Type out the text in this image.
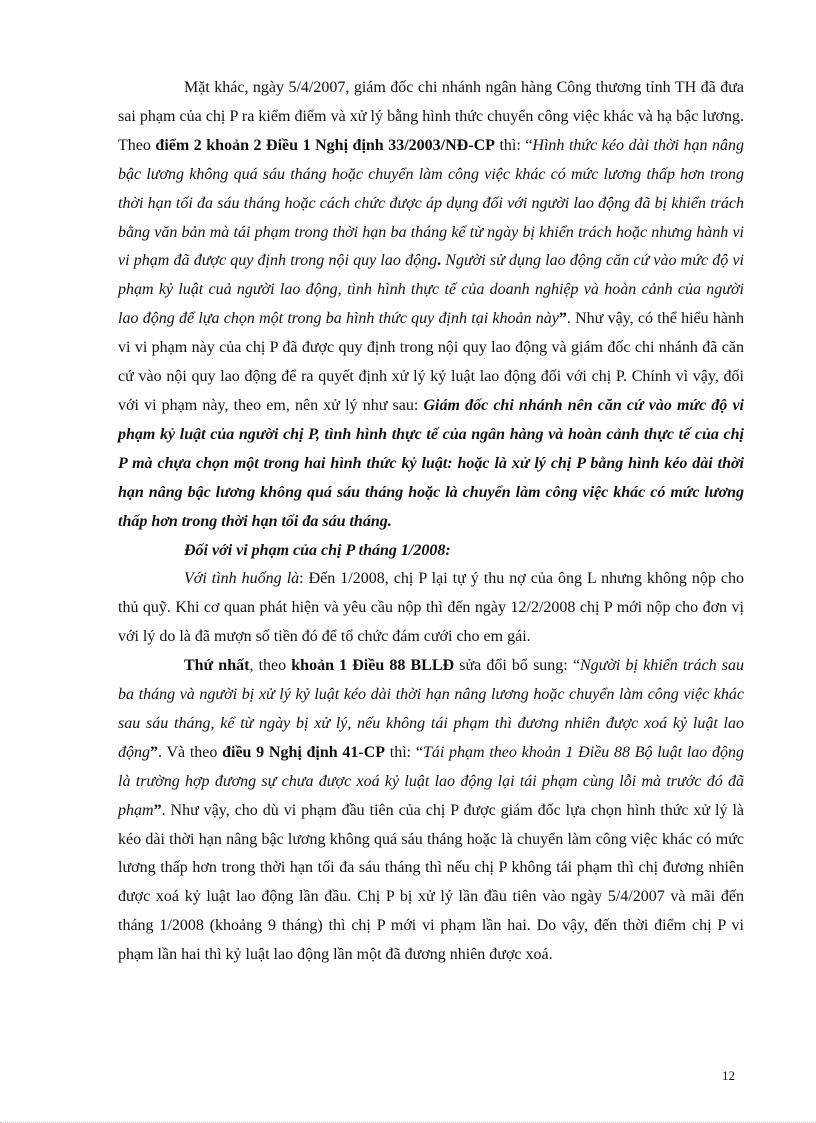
Mặt khác, ngày 5/4/2007, giám đốc chi nhánh ngân hàng Công thương tỉnh TH đã đưa sai phạm của chị P ra kiểm điểm và xử lý bằng hình thức chuyển công việc khác và hạ bậc lương. Theo điểm 2 khoản 2 Điều 1 Nghị định 33/2003/NĐ-CP thì: “Hình thức kéo dài thời hạn nâng bậc lương không quá sáu tháng hoặc chuyển làm công việc khác có mức lương thấp hơn trong thời hạn tối đa sáu tháng hoặc cách chức được áp dụng đối với người lao động đã bị khiển trách bằng văn bản mà tái phạm trong thời hạn ba tháng kể từ ngày bị khiển trách hoặc nhưng hành vi vi phạm đã được quy định trong nội quy lao động. Người sử dụng lao động căn cứ vào mức độ vi phạm kỷ luật cuả người lao động, tình hình thực tế của doanh nghiệp và hoàn cảnh của người lao động để lựa chọn một trong ba hình thức quy định tại khoản này”. Như vậy, có thể hiểu hành vi vi phạm này của chị P đã được quy định trong nội quy lao động và giám đốc chi nhánh đã căn cứ vào nội quy lao động để ra quyết định xử lý kỷ luật lao động đối với chị P. Chính vì vậy, đối với vi phạm này, theo em, nên xử lý như sau: Giám đốc chi nhánh nên căn cứ vào mức độ vi phạm kỷ luật của người chị P, tình hình thực tế của ngân hàng và hoàn cảnh thực tế của chị P mà chựa chọn một trong hai hình thức kỷ luật: hoặc là xử lý chị P bằng hình kéo dài thời hạn nâng bậc lương không quá sáu tháng hoặc là chuyển làm công việc khác có mức lương thấp hơn trong thời hạn tối đa sáu tháng.

Đối với vi phạm của chị P tháng 1/2008:

Với tình huống là: Đến 1/2008, chị P lại tự ý thu nợ của ông L nhưng không nộp cho thủ quỹ. Khi cơ quan phát hiện và yêu cầu nộp thì đến ngày 12/2/2008 chị P mới nộp cho đơn vị với lý do là đã mượn số tiền đó để tổ chức đám cưới cho em gái.

Thứ nhất, theo khoản 1 Điều 88 BLLĐ sửa đổi bổ sung: “Người bị khiển trách sau ba tháng và người bị xử lý kỷ luật kéo dài thời hạn nâng lương hoặc chuyển làm công việc khác sau sáu tháng, kể từ ngày bị xử lý, nếu không tái phạm thì đương nhiên được xoá kỷ luật lao động”. Và theo điều 9 Nghị định 41-CP thì: “Tái phạm theo khoản 1 Điều 88 Bộ luật lao động là trường hợp đương sự chưa được xoá kỷ luật lao động lại tái phạm cùng lỗi mà trước đó đã phạm”. Như vậy, cho dù vi phạm đầu tiên của chị P được giám đốc lựa chọn hình thức xử lý là kéo dài thời hạn nâng bậc lương không quá sáu tháng hoặc là chuyển làm công việc khác có mức lương thấp hơn trong thời hạn tối đa sáu tháng thì nếu chị P không tái phạm thì chị đương nhiên được xoá kỷ luật lao động lần đầu. Chị P bị xử lý lần đầu tiên vào ngày 5/4/2007 và mãi đến tháng 1/2008 (khoảng 9 tháng) thì chị P mới vi phạm lần hai. Do vậy, đến thời điểm chị P vi phạm lần hai thì kỷ luật lao động lần một đã đương nhiên được xoá.

12
